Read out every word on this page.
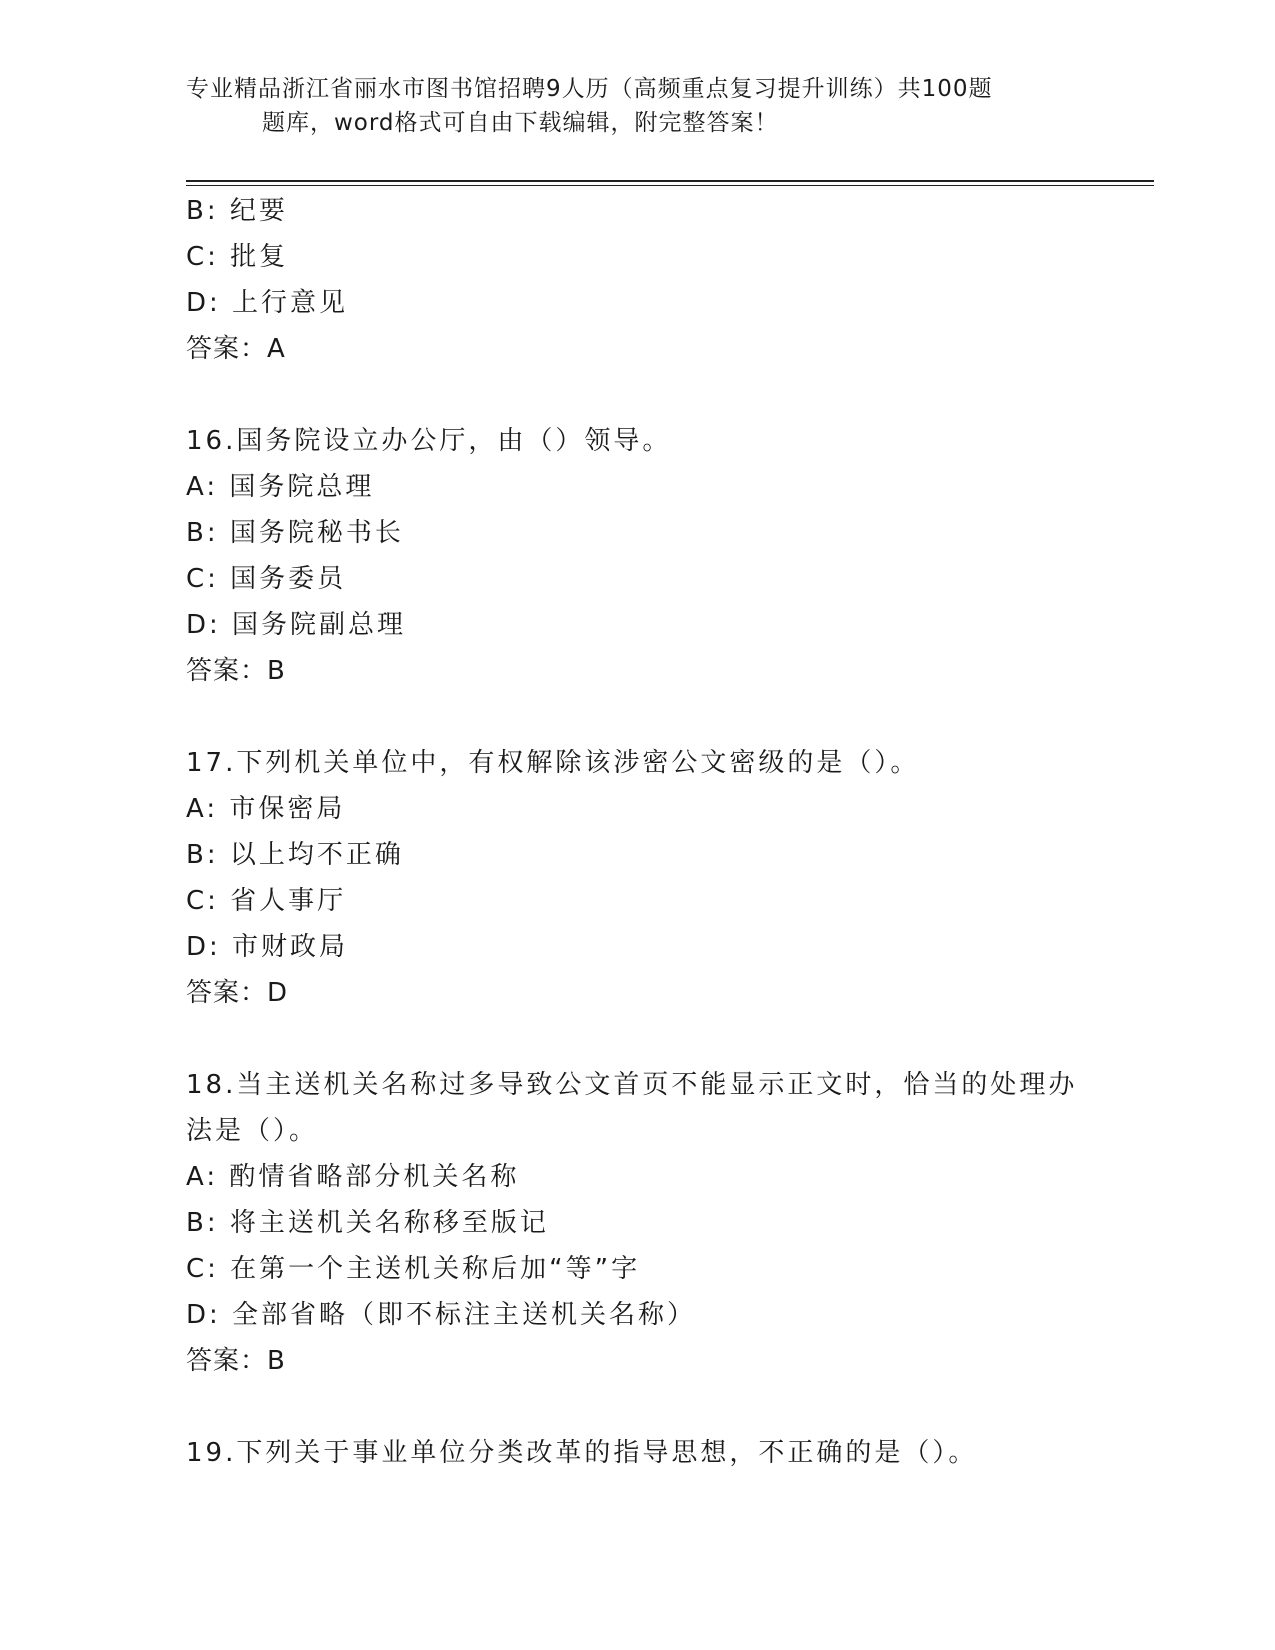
专业精品浙江省丽水市图书馆招聘9人历（高频重点复习提升训练）共100题
题库，word格式可自由下载编辑，附完整答案！
B: 纪要
C: 批复
D: 上行意见
答案：A
16.国务院设立办公厅，由（）领导。
A: 国务院总理
B: 国务院秘书长
C: 国务委员
D: 国务院副总理
答案：B
17.下列机关单位中，有权解除该涉密公文密级的是（）。
A: 市保密局
B: 以上均不正确
C: 省人事厅
D: 市财政局
答案：D
18.当主送机关名称过多导致公文首页不能显示正文时，恰当的处理办
法是（）。
A: 酌情省略部分机关名称
B: 将主送机关名称移至版记
C: 在第一个主送机关称后加“等”字
D: 全部省略（即不标注主送机关名称）
答案：B
19.下列关于事业单位分类改革的指导思想，不正确的是（）。
